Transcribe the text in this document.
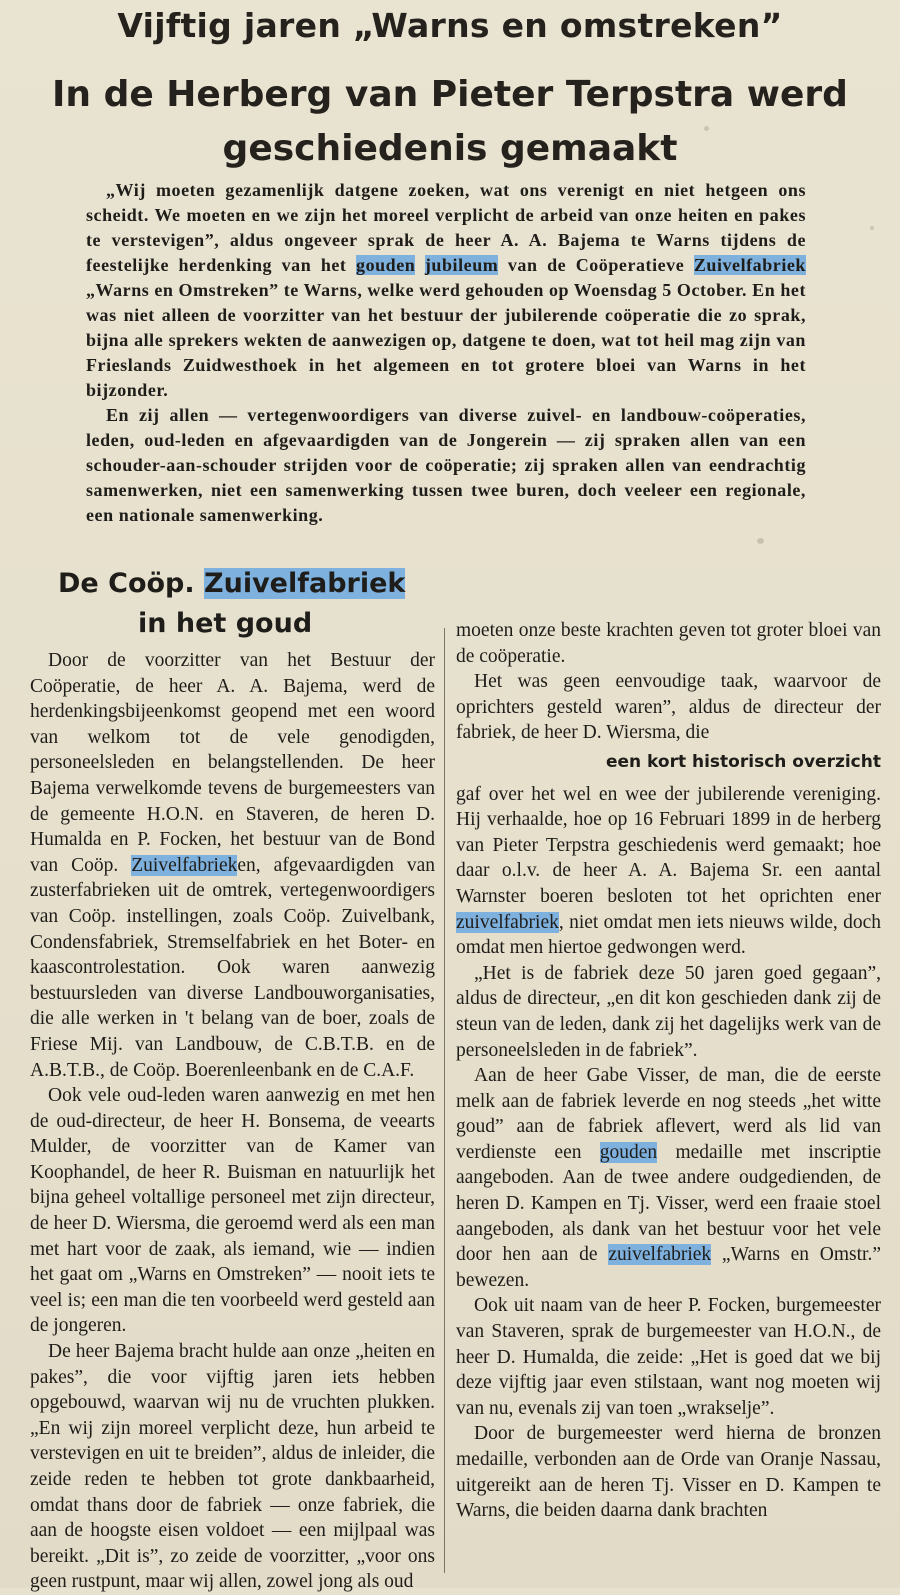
Vijftig jaren „Warns en omstreken”
In de Herberg van Pieter Terpstra werd
geschiedenis gemaakt

„Wij moeten gezamenlijk datgene zoeken, wat ons verenigt en niet hetgeen ons scheidt. We moeten en we zijn het moreel verplicht de arbeid van onze heiten en pakes te verstevigen”, aldus ongeveer sprak de heer A. A. Bajema te Warns tijdens de feestelijke herdenking van het gouden jubileum van de Coöperatieve Zuivelfabriek „Warns en Omstreken” te Warns, welke werd gehouden op Woensdag 5 October. En het was niet alleen de voorzitter van het bestuur der jubilerende coöperatie die zo sprak, bijna alle sprekers wekten de aanwezigen op, datgene te doen, wat tot heil mag zijn van Frieslands Zuidwesthoek in het algemeen en tot grotere bloei van Warns in het bijzonder.

En zij allen — vertegenwoordigers van diverse zuivel- en landbouw-coöperaties, leden, oud-leden en afgevaardigden van de Jongerein — zij spraken allen van een schouder-aan-schouder strijden voor de coöperatie; zij spraken allen van eendrachtig samenwerken, niet een samenwerking tussen twee buren, doch veeleer een regionale, een nationale samenwerking.

De Coöp. Zuivelfabriek
in het goud

Door de voorzitter van het Bestuur der Coöperatie, de heer A. A. Bajema, werd de herdenkingsbijeenkomst geopend met een woord van welkom tot de vele genodigden, personeelsleden en belangstellenden. De heer Bajema verwelkomde tevens de burgemeesters van de gemeente H.O.N. en Staveren, de heren D. Humalda en P. Focken, het bestuur van de Bond van Coöp. Zuivelfabrieken, afgevaardigden van zusterfabrieken uit de omtrek, vertegenwoordigers van Coöp. instellingen, zoals Coöp. Zuivelbank, Condensfabriek, Stremselfabriek en het Boter- en kaascontrolestation. Ook waren aanwezig bestuursleden van diverse Landbouworganisaties, die alle werken in 't belang van de boer, zoals de Friese Mij. van Landbouw, de C.B.T.B. en de A.B.T.B., de Coöp. Boerenleenbank en de C.A.F.

Ook vele oud-leden waren aanwezig en met hen de oud-directeur, de heer H. Bonsema, de veearts Mulder, de voorzitter van de Kamer van Koophandel, de heer R. Buisman en natuurlijk het bijna geheel voltallige personeel met zijn directeur, de heer D. Wiersma, die geroemd werd als een man met hart voor de zaak, als iemand, wie — indien het gaat om „Warns en Omstreken” — nooit iets te veel is; een man die ten voorbeeld werd gesteld aan de jongeren.

De heer Bajema bracht hulde aan onze „heiten en pakes”, die voor vijftig jaren iets hebben opgebouwd, waarvan wij nu de vruchten plukken. „En wij zijn moreel verplicht deze, hun arbeid te verstevigen en uit te breiden”, aldus de inleider, die zeide reden te hebben tot grote dankbaarheid, omdat thans door de fabriek — onze fabriek, die aan de hoogste eisen voldoet — een mijlpaal was bereikt. „Dit is”, zo zeide de voorzitter, „voor ons geen rustpunt, maar wij allen, zowel jong als oud

moeten onze beste krachten geven tot groter bloei van de coöperatie.

Het was geen eenvoudige taak, waarvoor de oprichters gesteld waren”, aldus de directeur der fabriek, de heer D. Wiersma, die

een kort historisch overzicht

gaf over het wel en wee der jubilerende vereniging. Hij verhaalde, hoe op 16 Februari 1899 in de herberg van Pieter Terpstra geschiedenis werd gemaakt; hoe daar o.l.v. de heer A. A. Bajema Sr. een aantal Warnster boeren besloten tot het oprichten ener zuivelfabriek, niet omdat men iets nieuws wilde, doch omdat men hiertoe gedwongen werd.

„Het is de fabriek deze 50 jaren goed gegaan”, aldus de directeur, „en dit kon geschieden dank zij de steun van de leden, dank zij het dagelijks werk van de personeelsleden in de fabriek”.

Aan de heer Gabe Visser, de man, die de eerste melk aan de fabriek leverde en nog steeds „het witte goud” aan de fabriek aflevert, werd als lid van verdienste een gouden medaille met inscriptie aangeboden. Aan de twee andere oudgedienden, de heren D. Kampen en Tj. Visser, werd een fraaie stoel aangeboden, als dank van het bestuur voor het vele door hen aan de zuivelfabriek „Warns en Omstr.” bewezen.

Ook uit naam van de heer P. Focken, burgemeester van Staveren, sprak de burgemeester van H.O.N., de heer D. Humalda, die zeide: „Het is goed dat we bij deze vijftig jaar even stilstaan, want nog moeten wij van nu, evenals zij van toen „wrakselje”.

Door de burgemeester werd hierna de bronzen medaille, verbonden aan de Orde van Oranje Nassau, uitgereikt aan de heren Tj. Visser en D. Kampen te Warns, die beiden daarna dank brachten
